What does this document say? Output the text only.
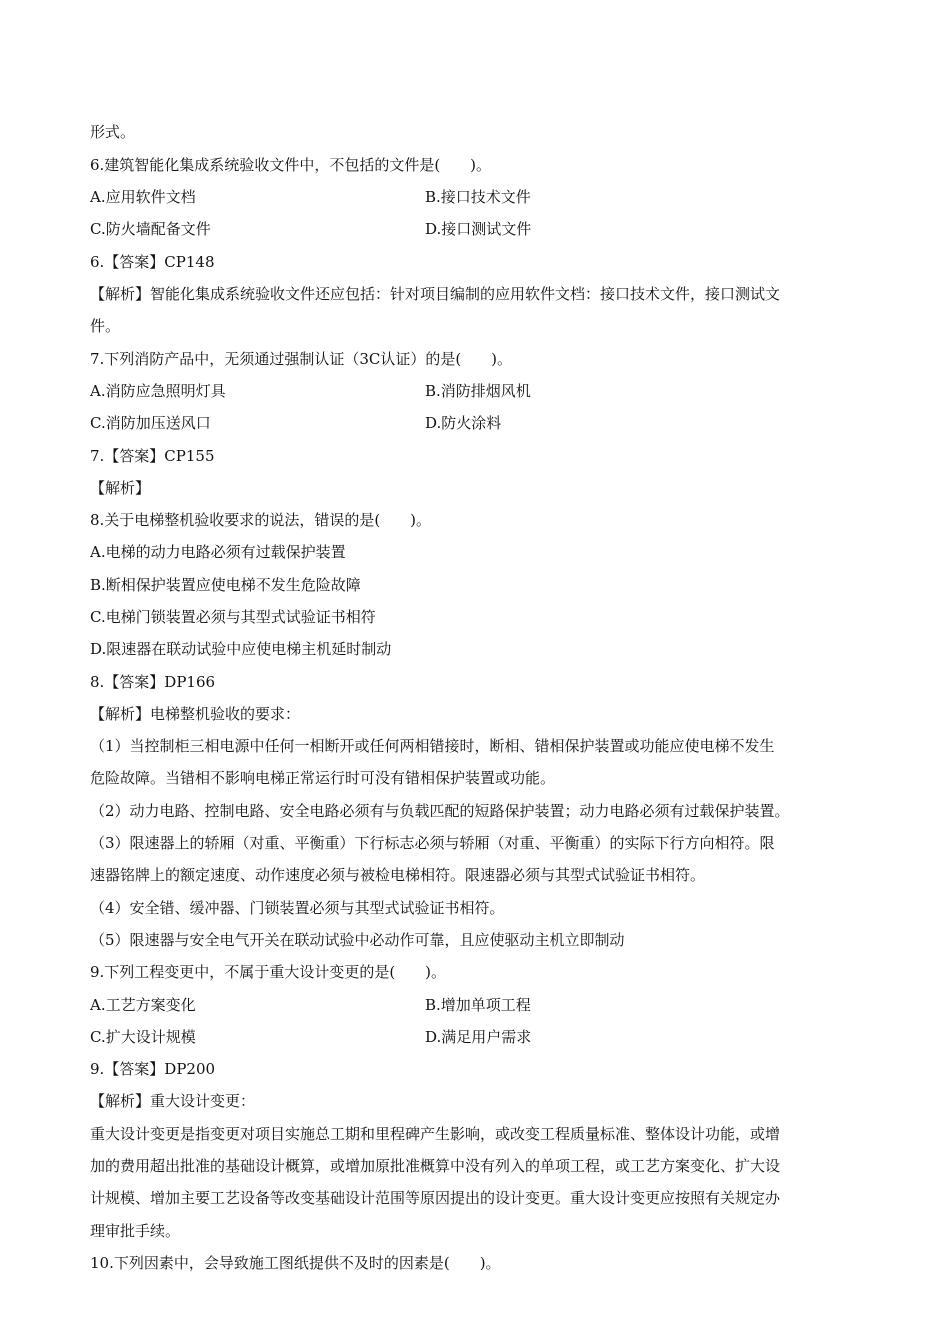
形式。
6.建筑智能化集成系统验收文件中，不包括的文件是(　　)。
A.应用软件文档	B.接口技术文件
C.防火墙配备文件	D.接口测试文件
6.【答案】CP148
【解析】智能化集成系统验收文件还应包括：针对项目编制的应用软件文档：接口技术文件，接口测试文
件。
7.下列消防产品中，无须通过强制认证（3C认证）的是(　　)。
A.消防应急照明灯具	B.消防排烟风机
C.消防加压送风口	D.防火涂料
7.【答案】CP155
【解析】
8.关于电梯整机验收要求的说法，错误的是(　　)。
A.电梯的动力电路必须有过载保护装置
B.断相保护装置应使电梯不发生危险故障
C.电梯门锁装置必须与其型式试验证书相符
D.限速器在联动试验中应使电梯主机延时制动
8.【答案】DP166
【解析】电梯整机验收的要求：
（1）当控制柜三相电源中任何一相断开或任何两相错接时，断相、错相保护装置或功能应使电梯不发生
危险故障。当错相不影响电梯正常运行时可没有错相保护装置或功能。
（2）动力电路、控制电路、安全电路必须有与负载匹配的短路保护装置；动力电路必须有过载保护装置。
（3）限速器上的轿厢（对重、平衡重）下行标志必须与轿厢（对重、平衡重）的实际下行方向相符。限
速器铭牌上的额定速度、动作速度必须与被检电梯相符。限速器必须与其型式试验证书相符。
（4）安全错、缓冲器、门锁装置必须与其型式试验证书相符。
（5）限速器与安全电气开关在联动试验中必动作可靠，且应使驱动主机立即制动
9.下列工程变更中，不属于重大设计变更的是(　　)。
A.工艺方案变化	B.增加单项工程
C.扩大设计规模	D.满足用户需求
9.【答案】DP200
【解析】重大设计变更：
重大设计变更是指变更对项目实施总工期和里程碑产生影响，或改变工程质量标准、整体设计功能，或增
加的费用超出批准的基础设计概算，或增加原批准概算中没有列入的单项工程，或工艺方案变化、扩大设
计规模、增加主要工艺设备等改变基础设计范围等原因提出的设计变更。重大设计变更应按照有关规定办
理审批手续。
10.下列因素中，会导致施工图纸提供不及时的因素是(　　)。
